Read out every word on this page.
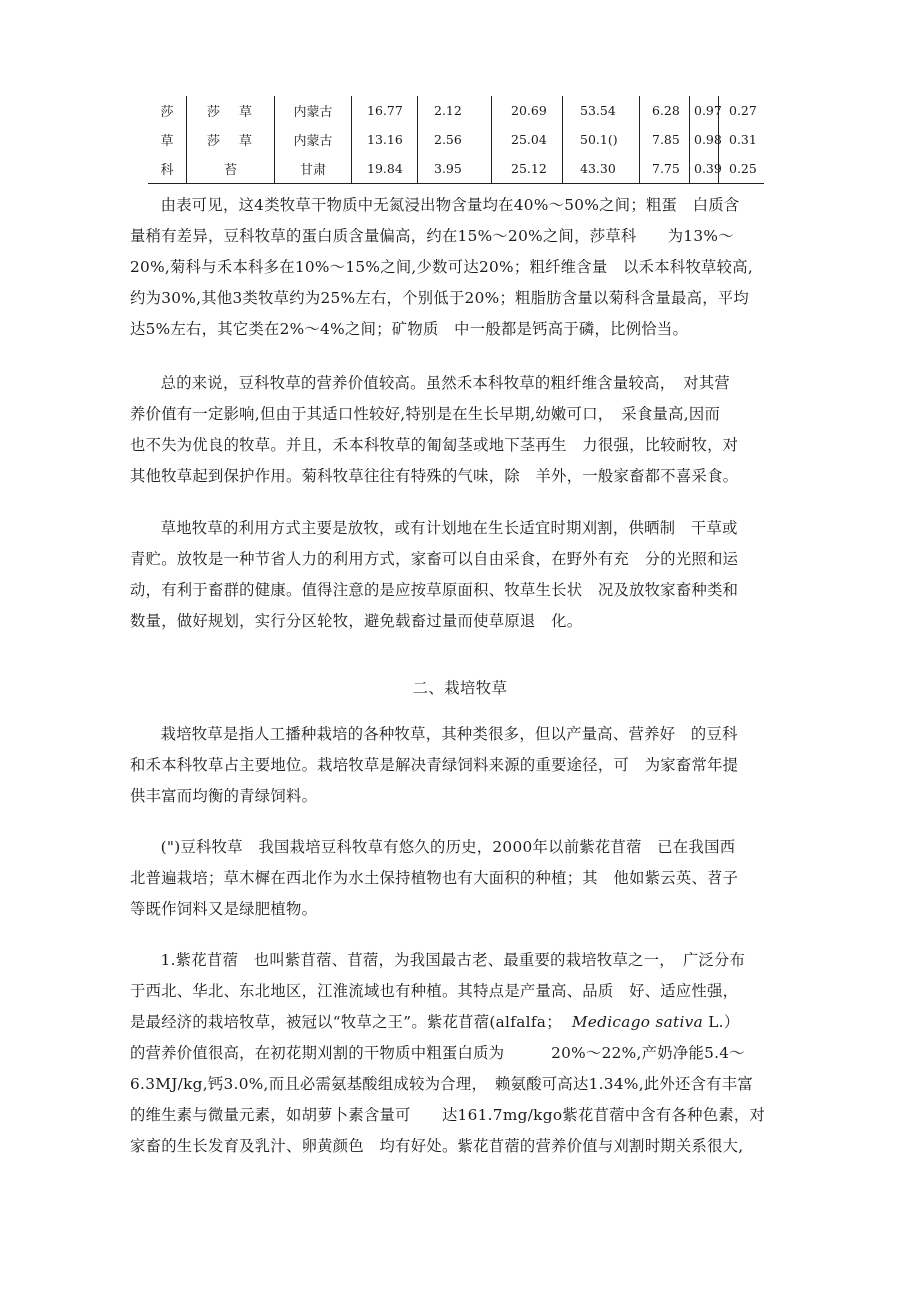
莎	莎 草	内蒙古	16.77	2.12	20.69	53.54	6.28	0.97 0.27
草	莎 草	内蒙古	13.16	2.56	25.04	50.1()	7.85	0.98 0.31
科	苔	甘肃	19.84	3.95	25.12	43.30	7.75	0.39 0.25

由表可见，这4类牧草干物质中无氮浸出物含量均在40%～50%之间；粗蛋　白质含

量稍有差异，豆科牧草的蛋白质含量偏高，约在15%～20%之间，莎草科　　为13%～
20%,菊科与禾本科多在10%～15%之间,少数可达20%；粗纤维含量　以禾本科牧草较高,
约为30%,其他3类牧草约为25%左右，个别低于20%；粗脂肪含量以菊科含量最高，平均
达5%左右，其它类在2%～4%之间；矿物质　中一般都是钙高于磷，比例恰当。

总的来说，豆科牧草的营养价值较高。虽然禾本科牧草的粗纤维含量较高，　对其营

养价值有一定影响,但由于其适口性较好,特别是在生长早期,幼嫩可口，　采食量高,因而
也不失为优良的牧草。并且，禾本科牧草的匍匐茎或地下茎再生　力很强，比较耐牧，对
其他牧草起到保护作用。菊科牧草往往有特殊的气味，除　羊外，一般家畜都不喜采食。

草地牧草的利用方式主要是放牧，或有计划地在生长适宜时期刈割，供晒制　干草或

青贮。放牧是一种节省人力的利用方式，家畜可以自由采食，在野外有充　分的光照和运
动，有利于畜群的健康。值得注意的是应按草原面积、牧草生长状　况及放牧家畜种类和
数量，做好规划，实行分区轮牧，避免载畜过量而使草原退　化。
二、栽培牧草

栽培牧草是指人工播种栽培的各种牧草，其种类很多，但以产量高、营养好　的豆科

和禾本科牧草占主要地位。栽培牧草是解决青绿饲料来源的重要途径，可　为家畜常年提
供丰富而均衡的青绿饲料。

(")豆科牧草　我国栽培豆科牧草有悠久的历史，2000年以前紫花苜蓿　已在我国西

北普遍栽培；草木樨在西北作为水土保持植物也有大面积的种植；其　他如紫云英、苕子
等既作饲料又是绿肥植物。

1.紫花苜蓿　也叫紫苜蓿、苜蓿，为我国最古老、最重要的栽培牧草之一，　广泛分布

于西北、华北、东北地区，江淮流域也有种植。其特点是产量高、品质　好、适应性强，
是最经济的栽培牧草，被冠以“牧草之王”。紫花苜蓿(alfalfa； Medicago sativa L.）
的营养价值很高，在初花期刈割的干物质中粗蛋白质为　　　20%～22%,产奶净能5.4～
6.3MJ/kg,钙3.0%,而且必需氨基酸组成较为合理，　赖氨酸可高达1.34%,此外还含有丰富
的维生素与微量元素，如胡萝卜素含量可　　达161.7mg/kgo紫花苜蓿中含有各种色素，对
家畜的生长发育及乳汁、卵黄颜色　均有好处。紫花苜蓿的营养价值与刈割时期关系很大,
